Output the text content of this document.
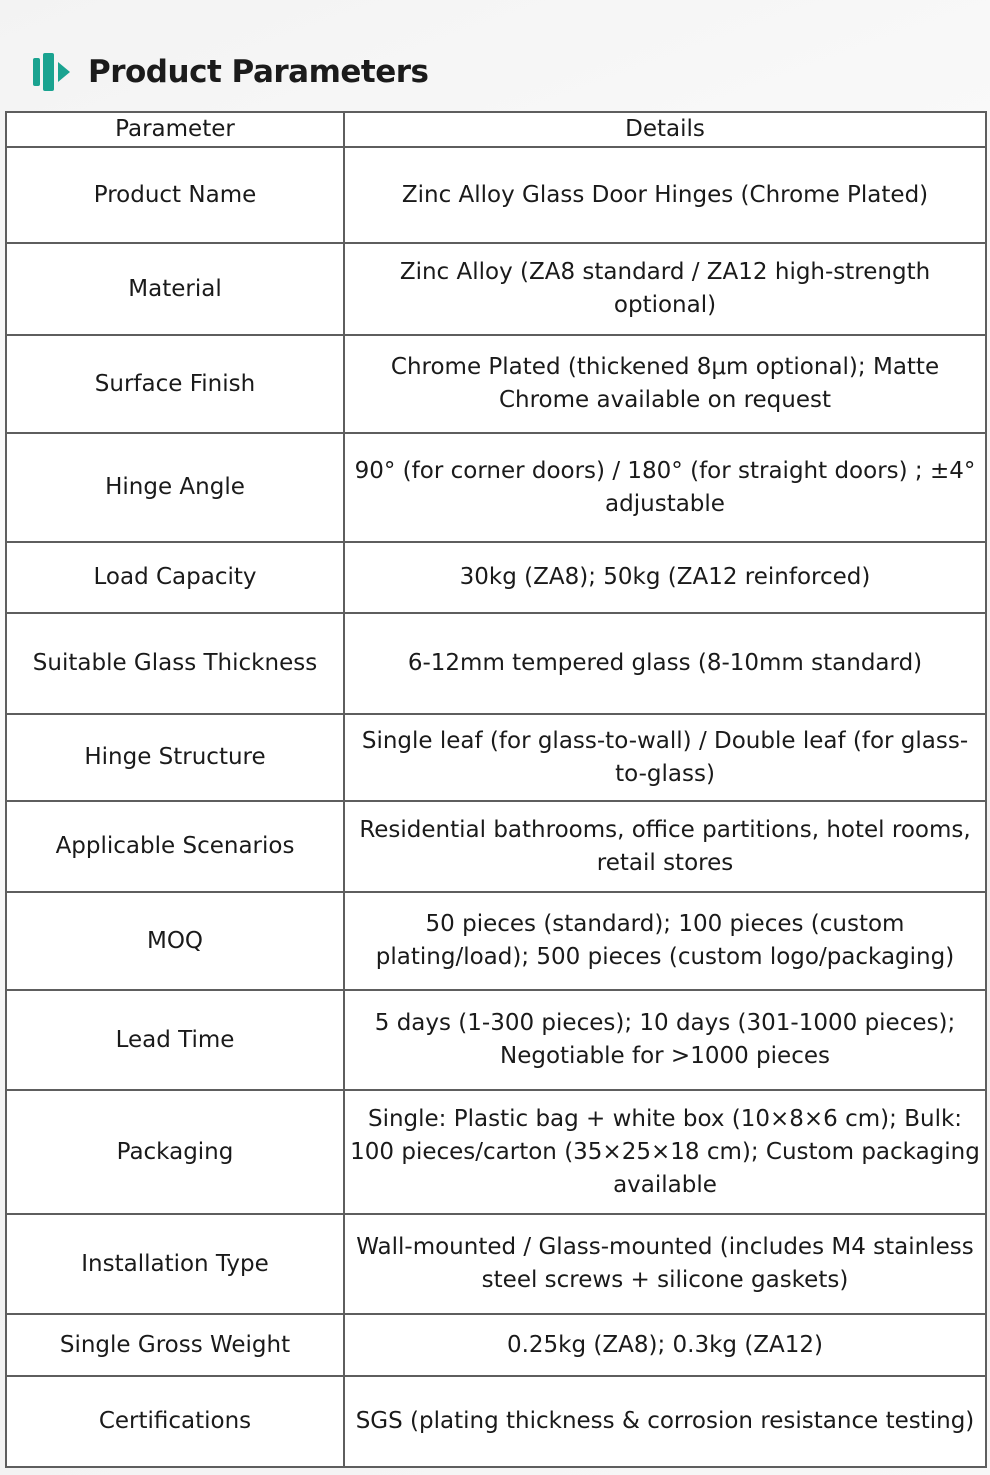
Product Parameters
Parameter	Details
Product Name	Zinc Alloy Glass Door Hinges (Chrome Plated)
Material	Zinc Alloy (ZA8 standard / ZA12 high-strength optional)
Surface Finish	Chrome Plated (thickened 8μm optional); Matte Chrome available on request
Hinge Angle	90° (for corner doors) / 180° (for straight doors) ; ±4° adjustable
Load Capacity	30kg (ZA8); 50kg (ZA12 reinforced)
Suitable Glass Thickness	6-12mm tempered glass (8-10mm standard)
Hinge Structure	Single leaf (for glass-to-wall) / Double leaf (for glass-to-glass)
Applicable Scenarios	Residential bathrooms, office partitions, hotel rooms, retail stores
MOQ	50 pieces (standard); 100 pieces (custom plating/load); 500 pieces (custom logo/packaging)
Lead Time	5 days (1-300 pieces); 10 days (301-1000 pieces); Negotiable for >1000 pieces
Packaging	Single: Plastic bag + white box (10×8×6 cm); Bulk: 100 pieces/carton (35×25×18 cm); Custom packaging available
Installation Type	Wall-mounted / Glass-mounted (includes M4 stainless steel screws + silicone gaskets)
Single Gross Weight	0.25kg (ZA8); 0.3kg (ZA12)
Certifications	SGS (plating thickness & corrosion resistance testing)
